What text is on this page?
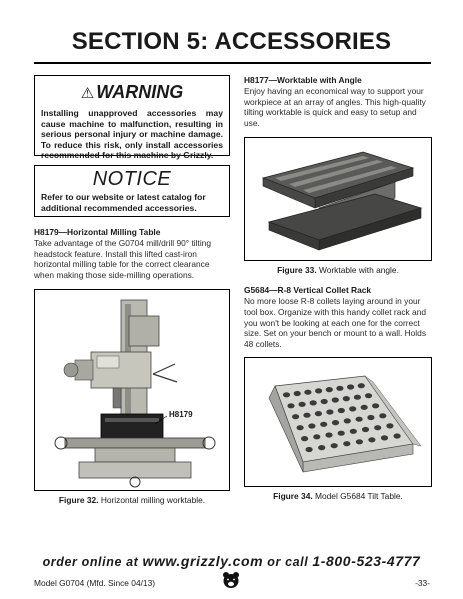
SECTION 5: ACCESSORIES
⚠ WARNING
Installing unapproved accessories may cause machine to malfunction, resulting in serious personal injury or machine damage. To reduce this risk, only install accessories recommended for this machine by Grizzly.
NOTICE
Refer to our website or latest catalog for additional recommended accessories.
H8179—Horizontal Milling Table
Take advantage of the G0704 mill/drill 90° tilting headstock feature. Install this lifted cast-iron horizontal milling table for the correct clearance when making those side-milling operations.
H8179
Figure 32. Horizontal milling worktable.
H8177—Worktable with Angle
Enjoy having an economical way to support your workpiece at an array of angles. This high-quality tilting worktable is quick and easy to setup and use.
Figure 33. Worktable with angle.
G5684—R-8 Vertical Collet Rack
No more loose R-8 collets laying around in your tool box. Organize with this handy collet rack and you won't be looking at each one for the correct size. Set on your bench or mount to a wall. Holds 48 collets.
Figure 34. Model G5684 Tilt Table.
order online at www.grizzly.com or call 1-800-523-4777
Model G0704 (Mfd. Since 04/13)	-33-
